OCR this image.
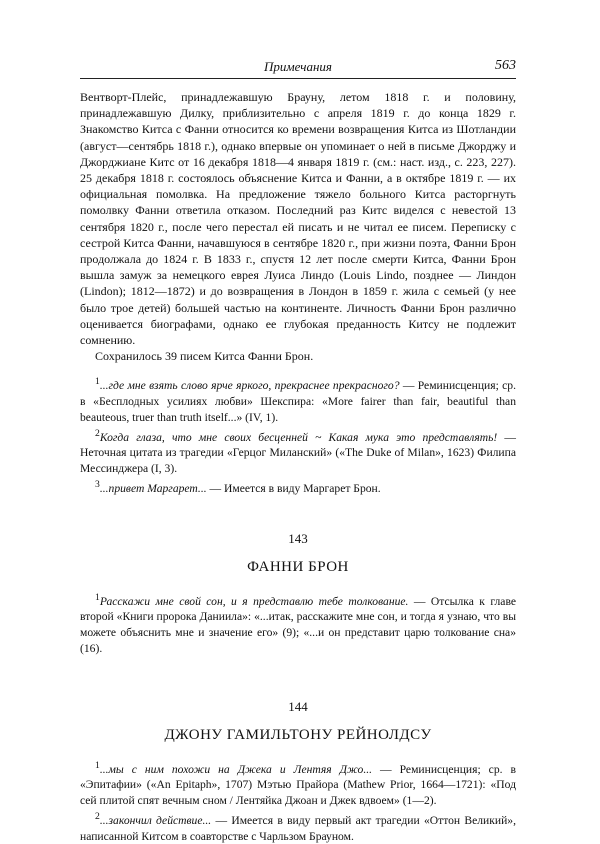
Примечания	563

Вентворт-Плейс, принадлежавшую Брауну, летом 1818 г. и половину, принадлежавшую Дилку, приблизительно с апреля 1819 г. до конца 1829 г. Знакомство Китса с Фанни относится ко времени возвращения Китса из Шотландии (август—сентябрь 1818 г.), однако впервые он упоминает о ней в письме Джорджу и Джорджиане Китс от 16 декабря 1818—4 января 1819 г. (см.: наст. изд., с. 223, 227). 25 декабря 1818 г. состоялось объяснение Китса и Фанни, а в октябре 1819 г. — их официальная помолвка. На предложение тяжело больного Китса расторгнуть помолвку Фанни ответила отказом. Последний раз Китс виделся с невестой 13 сентября 1820 г., после чего перестал ей писать и не читал ее писем. Переписку с сестрой Китса Фанни, начавшуюся в сентябре 1820 г., при жизни поэта, Фанни Брон продолжала до 1824 г. В 1833 г., спустя 12 лет после смерти Китса, Фанни Брон вышла замуж за немецкого еврея Луиса Линдо (Louis Lindo, позднее — Линдон (Lindon); 1812—1872) и до возвращения в Лондон в 1859 г. жила с семьей (у нее было трое детей) большей частью на континенте. Личность Фанни Брон различно оценивается биографами, однако ее глубокая преданность Китсу не подлежит сомнению.

Сохранилось 39 писем Китса Фанни Брон.

$^1$...где мне взять слово ярче яркого, прекраснее прекрасного? — Реминисценция; ср. в «Бесплодных усилиях любви» Шекспира: «More fairer than fair, beautiful than beauteous, truer than truth itself...» (IV, 1).

$^2$Когда глаза, что мне своих бесценней ~ Какая мука это представлять! — Неточная цитата из трагедии «Герцог Миланский» («The Duke of Milan», 1623) Филипа Мессинджера (I, 3).

$^3$...привет Маргарет... — Имеется в виду Маргарет Брон.

143
ФАННИ БРОН

$^1$Расскажи мне свой сон, и я представлю тебе толкование. — Отсылка к главе второй «Книги пророка Даниила»: «...итак, расскажите мне сон, и тогда я узнаю, что вы можете объяснить мне и значение его» (9); «...и он представит царю толкование сна» (16).

144
ДЖОНУ ГАМИЛЬТОНУ РЕЙНОЛДСУ

$^1$...мы с ним похожи на Джека и Лентяя Джо... — Реминисценция; ср. в «Эпитафии» («An Epitaph», 1707) Мэтью Прайора (Mathew Prior, 1664—1721): «Под сей плитой спят вечным сном / Лентяйка Джоан и Джек вдвоем» (1—2).

$^2$...закончил действие... — Имеется в виду первый акт трагедии «Оттон Великий», написанной Китсом в соавторстве с Чарльзом Брауном.
